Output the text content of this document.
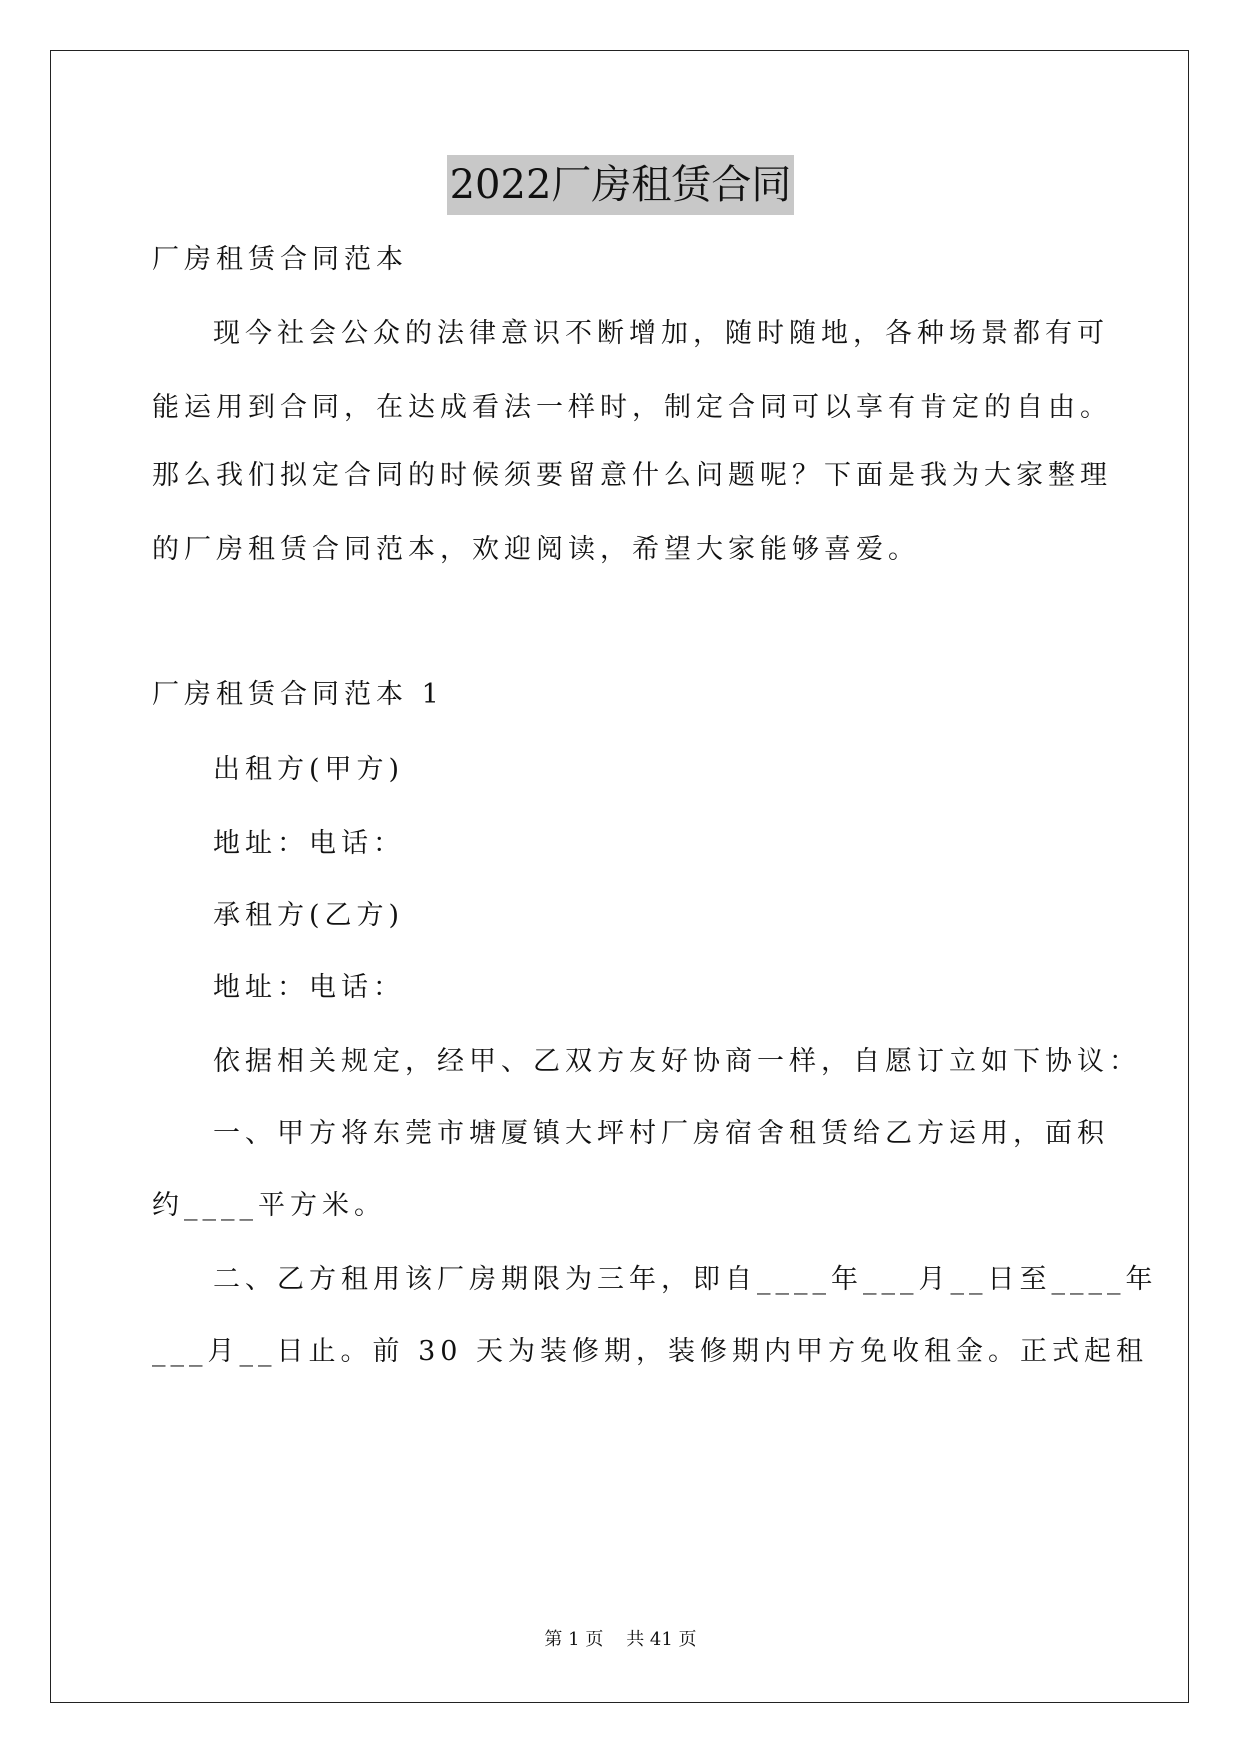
2022厂房租赁合同
厂房租赁合同范本
现今社会公众的法律意识不断增加，随时随地，各种场景都有可
能运用到合同，在达成看法一样时，制定合同可以享有肯定的自由。
那么我们拟定合同的时候须要留意什么问题呢？下面是我为大家整理
的厂房租赁合同范本，欢迎阅读，希望大家能够喜爱。
厂房租赁合同范本 1
出租方(甲方)
地址：电话：
承租方(乙方)
地址：电话：
依据相关规定，经甲、乙双方友好协商一样，自愿订立如下协议：
一、甲方将东莞市塘厦镇大坪村厂房宿舍租赁给乙方运用，面积
约____平方米。
二、乙方租用该厂房期限为三年，即自____年___月__日至____年
___月__日止。前 30 天为装修期，装修期内甲方免收租金。正式起租
第 1 页    共 41 页
